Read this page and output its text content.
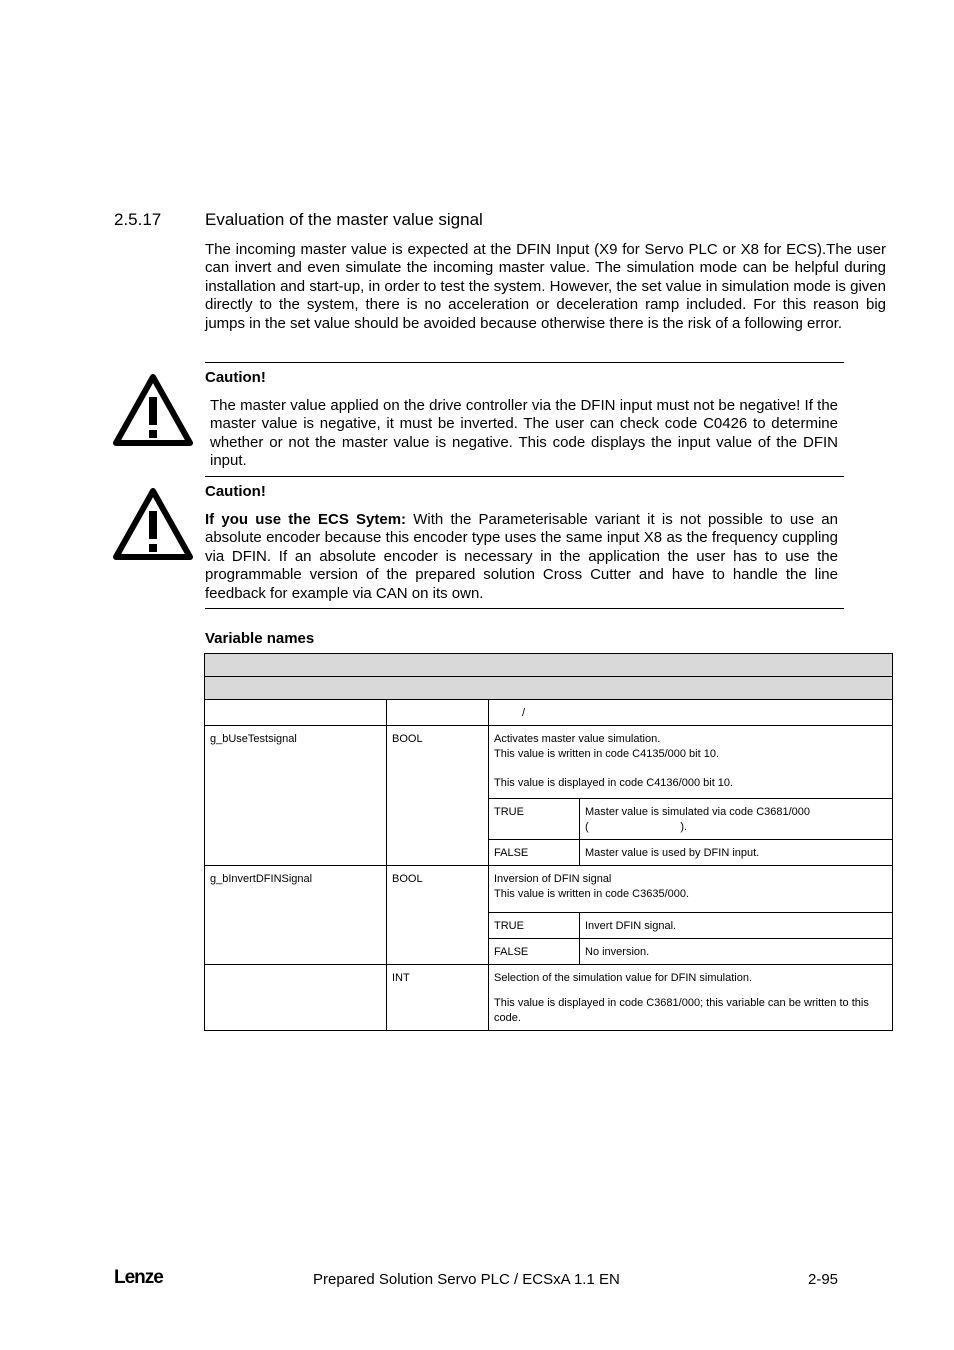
2.5.17	Evaluation of the master value signal
The incoming master value is expected at the DFIN Input (X9 for Servo PLC or X8 for ECS).The user can invert and even simulate the incoming master value. The simulation mode can be helpful during installation and start-up, in order to test the system. However, the set value in simulation mode is given directly to the system, there is no acceleration or deceleration ramp included. For this reason big jumps in the set value should be avoided because otherwise there is the risk of a following error.
Caution!
The master value applied on the drive controller via the DFIN input must not be negative! If the master value is negative, it must be inverted. The user can check code C0426 to determine whether or not the master value is negative. This code displays the input value of the DFIN input.
Caution!
If you use the ECS Sytem: With the Parameterisable variant it is not possible to use an absolute encoder because this encoder type uses the same input X8 as the frequency cuppling via DFIN. If an absolute encoder is necessary in the application the user has to use the programmable version of the prepared solution Cross Cutter and have to handle the line feedback for example via CAN on its own.
Variable names

		/	
g_bUseTestsignal	BOOL	Activates master value simulation.
This value is written in code C4135/000 bit 10.
This value is displayed in code C4136/000 bit 10.	

		TRUE	Master value is simulated via code C3681/000
(                              ).

		FALSE	Master value is used by DFIN input.
g_bInvertDFINSignal	BOOL	Inversion of DFIN signal
This value is written in code C3635/000.	

		TRUE	Invert DFIN signal.
		FALSE	No inversion.
	INT	Selection of the simulation value for DFIN simulation.
This value is displayed in code C3681/000; this variable can be written to this code.	
Lenze	Prepared Solution Servo PLC / ECSxA 1.1 EN	2-95
